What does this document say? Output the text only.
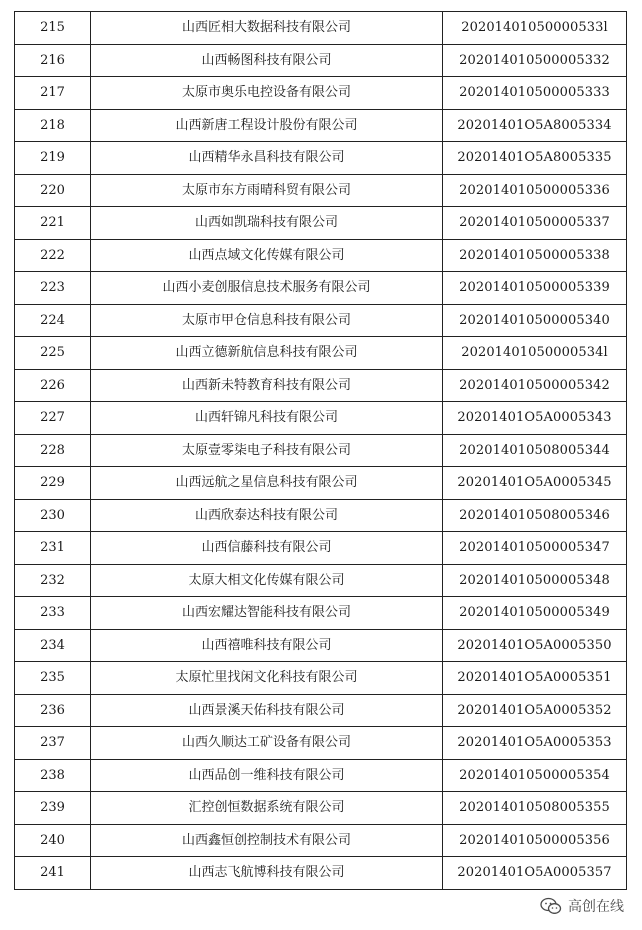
215	山西匠相大数据科技有限公司	20201401050000533l
216	山西畅图科技有限公司	202014010500005332
217	太原市奥乐电控设备有限公司	202014010500005333
218	山西新唐工程设计股份有限公司	20201401O5A8005334
219	山西精华永昌科技有限公司	20201401O5A8005335
220	太原市东方雨晴科贸有限公司	202014010500005336
221	山西如凯瑞科技有限公司	202014010500005337
222	山西点域文化传媒有限公司	202014010500005338
223	山西小麦创服信息技术服务有限公司	202014010500005339
224	太原市甲仓信息科技有限公司	202014010500005340
225	山西立德新航信息科技有限公司	20201401050000534l
226	山西新未特教育科技有限公司	202014010500005342
227	山西轩锦凡科技有限公司	20201401O5A0005343
228	太原壹零柒电子科技有限公司	202014010508005344
229	山西远航之星信息科技有限公司	20201401O5A0005345
230	山西欣泰达科技有限公司	202014010508005346
231	山西信藤科技有限公司	202014010500005347
232	太原大相文化传媒有限公司	202014010500005348
233	山西宏耀达智能科技有限公司	202014010500005349
234	山西禧唯科技有限公司	20201401O5A0005350
235	太原忙里找闲文化科技有限公司	20201401O5A0005351
236	山西景溪天佑科技有限公司	20201401O5A0005352
237	山西久顺达工矿设备有限公司	20201401O5A0005353
238	山西品创一维科技有限公司	202014010500005354
239	汇控创恒数据系统有限公司	202014010508005355
240	山西鑫恒创控制技术有限公司	202014010500005356
241	山西志飞航博科技有限公司	20201401O5A0005357
高创在线
